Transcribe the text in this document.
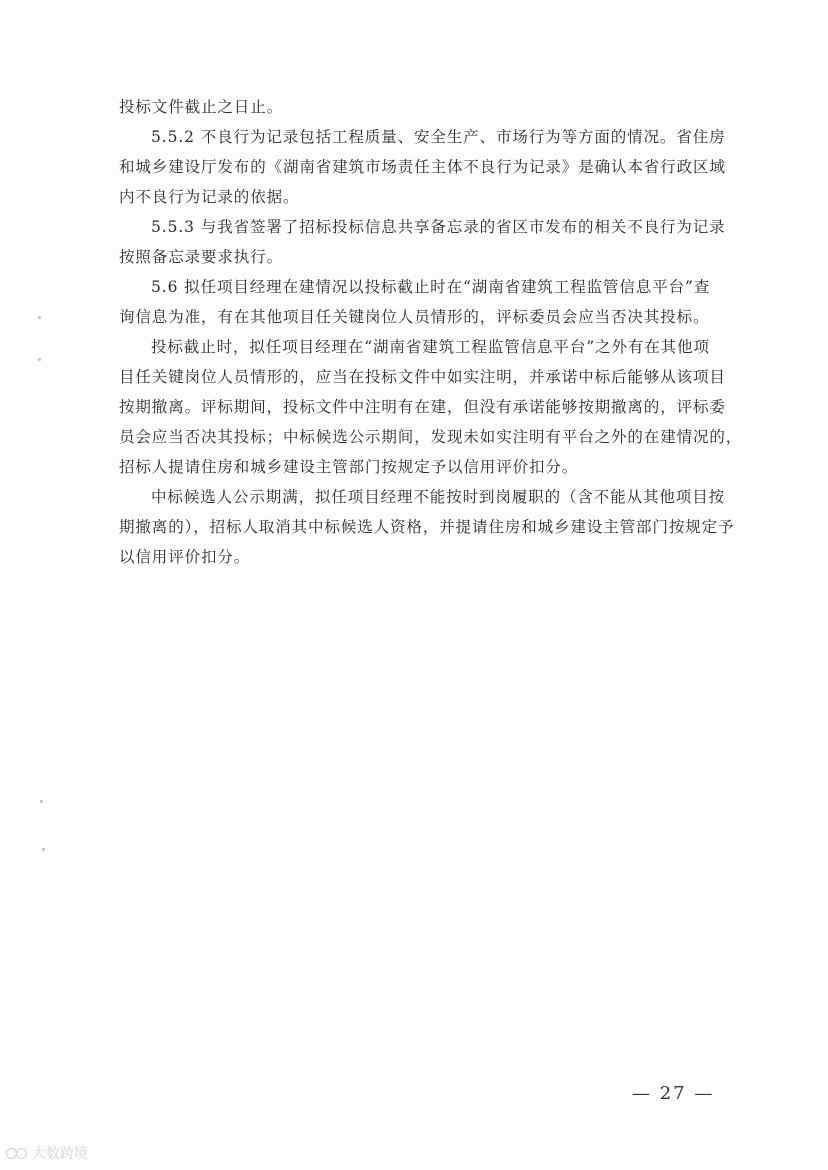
投标文件截止之日止。
5.5.2 不良行为记录包括工程质量、安全生产、市场行为等方面的情况。省住房
和城乡建设厅发布的《湖南省建筑市场责任主体不良行为记录》是确认本省行政区域
内不良行为记录的依据。
5.5.3 与我省签署了招标投标信息共享备忘录的省区市发布的相关不良行为记录
按照备忘录要求执行。
5.6 拟任项目经理在建情况以投标截止时在“湖南省建筑工程监管信息平台”查
询信息为准，有在其他项目任关键岗位人员情形的，评标委员会应当否决其投标。
投标截止时，拟任项目经理在“湖南省建筑工程监管信息平台”之外有在其他项
目任关键岗位人员情形的，应当在投标文件中如实注明，并承诺中标后能够从该项目
按期撤离。评标期间，投标文件中注明有在建，但没有承诺能够按期撤离的，评标委
员会应当否决其投标；中标候选公示期间，发现未如实注明有平台之外的在建情况的，
招标人提请住房和城乡建设主管部门按规定予以信用评价扣分。
中标候选人公示期满，拟任项目经理不能按时到岗履职的（含不能从其他项目按
期撤离的），招标人取消其中标候选人资格，并提请住房和城乡建设主管部门按规定予
以信用评价扣分。
— 27 —
大数跨境
